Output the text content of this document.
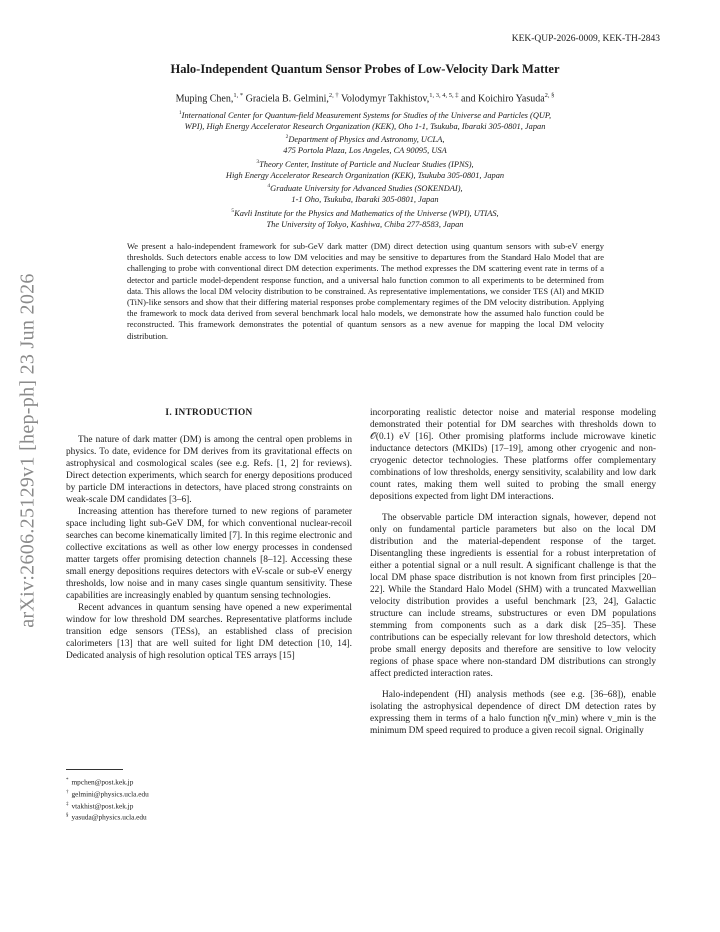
KEK-QUP-2026-0009, KEK-TH-2843
arXiv:2606.25129v1 [hep-ph] 23 Jun 2026
Halo-Independent Quantum Sensor Probes of Low-Velocity Dark Matter

Muping Chen,$^{1, *}$ Graciela B. Gelmini,$^{2, \dagger}$ Volodymyr Takhistov,$^{1, 3, 4, 5, \ddagger}$ and Koichiro Yasuda$^{2, \S}$

$^1$International Center for Quantum-field Measurement Systems for Studies of the Universe and Particles (QUP,
WPI), High Energy Accelerator Research Organization (KEK), Oho 1-1, Tsukuba, Ibaraki 305-0801, Japan
$^2$Department of Physics and Astronomy, UCLA,
475 Portola Plaza, Los Angeles, CA 90095, USA
$^3$Theory Center, Institute of Particle and Nuclear Studies (IPNS),
High Energy Accelerator Research Organization (KEK), Tsukuba 305-0801, Japan
$^4$Graduate University for Advanced Studies (SOKENDAI),
1-1 Oho, Tsukuba, Ibaraki 305-0801, Japan
$^5$Kavli Institute for the Physics and Mathematics of the Universe (WPI), UTIAS,
The University of Tokyo, Kashiwa, Chiba 277-8583, Japan

We present a halo-independent framework for sub-GeV dark matter (DM) direct detection using quantum sensors with sub-eV energy thresholds. Such detectors enable access to low DM velocities and may be sensitive to departures from the Standard Halo Model that are challenging to probe with conventional direct DM detection experiments. The method expresses the DM scattering event rate in terms of a detector and particle model-dependent response function, and a universal halo function common to all experiments to be determined from data. This allows the local DM velocity distribution to be constrained. As representative implementations, we consider TES (Al) and MKID (TiN)-like sensors and show that their differing material responses probe complementary regimes of the DM velocity distribution. Applying the framework to mock data derived from several benchmark local halo models, we demonstrate how the assumed halo function could be reconstructed. This framework demonstrates the potential of quantum sensors as a new avenue for mapping the local DM velocity distribution.

I. INTRODUCTION

The nature of dark matter (DM) is among the central open problems in physics. To date, evidence for DM derives from its gravitational effects on astrophysical and cosmological scales (see e.g. Refs. [1, 2] for reviews). Direct detection experiments, which search for energy depositions produced by particle DM interactions in detectors, have placed strong constraints on weak-scale DM candidates [3–6].

Increasing attention has therefore turned to new regions of parameter space including light sub-GeV DM, for which conventional nuclear-recoil searches can become kinematically limited [7]. In this regime electronic and collective excitations as well as other low energy processes in condensed matter targets offer promising detection channels [8–12]. Accessing these small energy depositions requires detectors with eV-scale or sub-eV energy thresholds, low noise and in many cases single quantum sensitivity. These capabilities are increasingly enabled by quantum sensing technologies.

Recent advances in quantum sensing have opened a new experimental window for low threshold DM searches. Representative platforms include transition edge sensors (TESs), an established class of precision calorimeters [13] that are well suited for light DM detection [10, 14]. Dedicated analysis of high resolution optical TES arrays [15]

incorporating realistic detector noise and material response modeling demonstrated their potential for DM searches with thresholds down to 𝒪(0.1) eV [16]. Other promising platforms include microwave kinetic inductance detectors (MKIDs) [17–19], among other cryogenic and non-cryogenic detector technologies. These platforms offer complementary combinations of low thresholds, energy sensitivity, scalability and low dark count rates, making them well suited to probing the small energy depositions expected from light DM interactions.

The observable particle DM interaction signals, however, depend not only on fundamental particle parameters but also on the local DM distribution and the material-dependent response of the target. Disentangling these ingredients is essential for a robust interpretation of either a potential signal or a null result. A significant challenge is that the local DM phase space distribution is not known from first principles [20–22]. While the Standard Halo Model (SHM) with a truncated Maxwellian velocity distribution provides a useful benchmark [23, 24], Galactic structure can include streams, substructures or even DM populations stemming from components such as a dark disk [25–35]. These contributions can be especially relevant for low threshold detectors, which probe small energy deposits and therefore are sensitive to low velocity regions of phase space where non-standard DM distributions can strongly affect predicted interaction rates.

Halo-independent (HI) analysis methods (see e.g. [36–68]), enable isolating the astrophysical dependence of direct DM detection rates by expressing them in terms of a halo function η̃(v_min) where v_min is the minimum DM speed required to produce a given recoil signal. Originally

* mpchen@post.kek.jp
† gelmini@physics.ucla.edu
‡ vtakhist@post.kek.jp
§ yasuda@physics.ucla.edu
